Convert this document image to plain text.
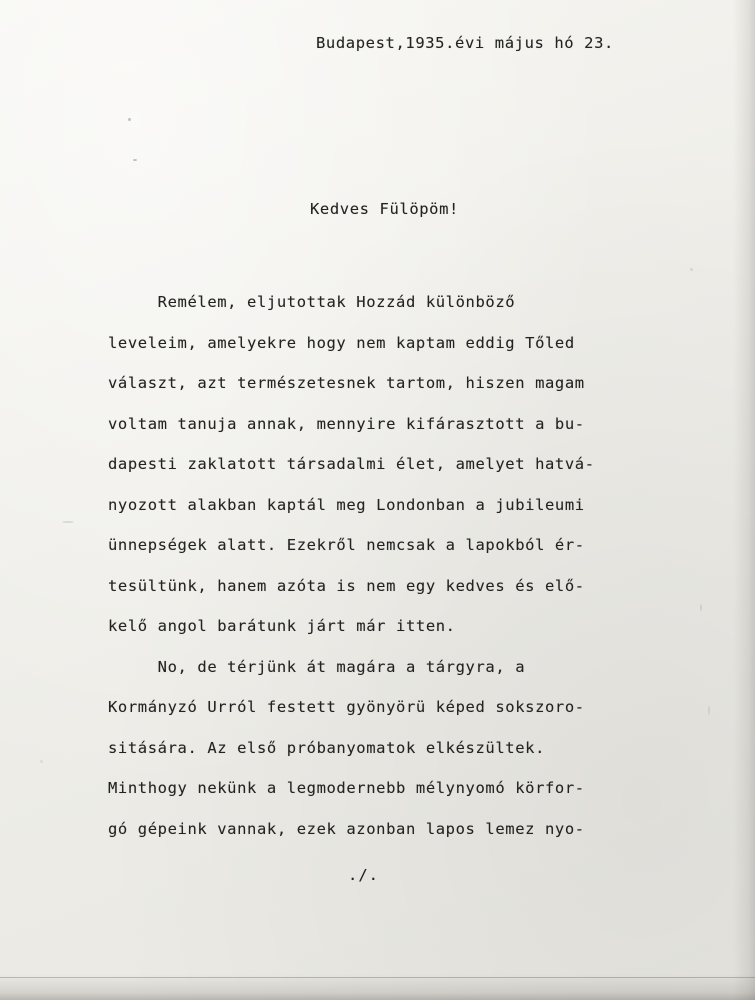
Budapest,1935.évi május hó 23.
Kedves Fülöpöm!
Remélem, eljutottak Hozzád különböző
leveleim, amelyekre hogy nem kaptam eddig Tőled
választ, azt természetesnek tartom, hiszen magam
voltam tanuja annak, mennyire kifárasztott a bu-
dapesti zaklatott társadalmi élet, amelyet hatvá-
nyozott alakban kaptál meg Londonban a jubileumi
ünnepségek alatt. Ezekről nemcsak a lapokból ér-
tesültünk, hanem azóta is nem egy kedves és elő-
kelő angol barátunk járt már itten.
No, de térjünk át magára a tárgyra, a
Kormányzó Urról festett gyönyörü képed sokszoro-
sitására. Az első próbanyomatok elkészültek.
Minthogy nekünk a legmodernebb mélynyomó körfor-
gó gépeink vannak, ezek azonban lapos lemez nyo-
./.
